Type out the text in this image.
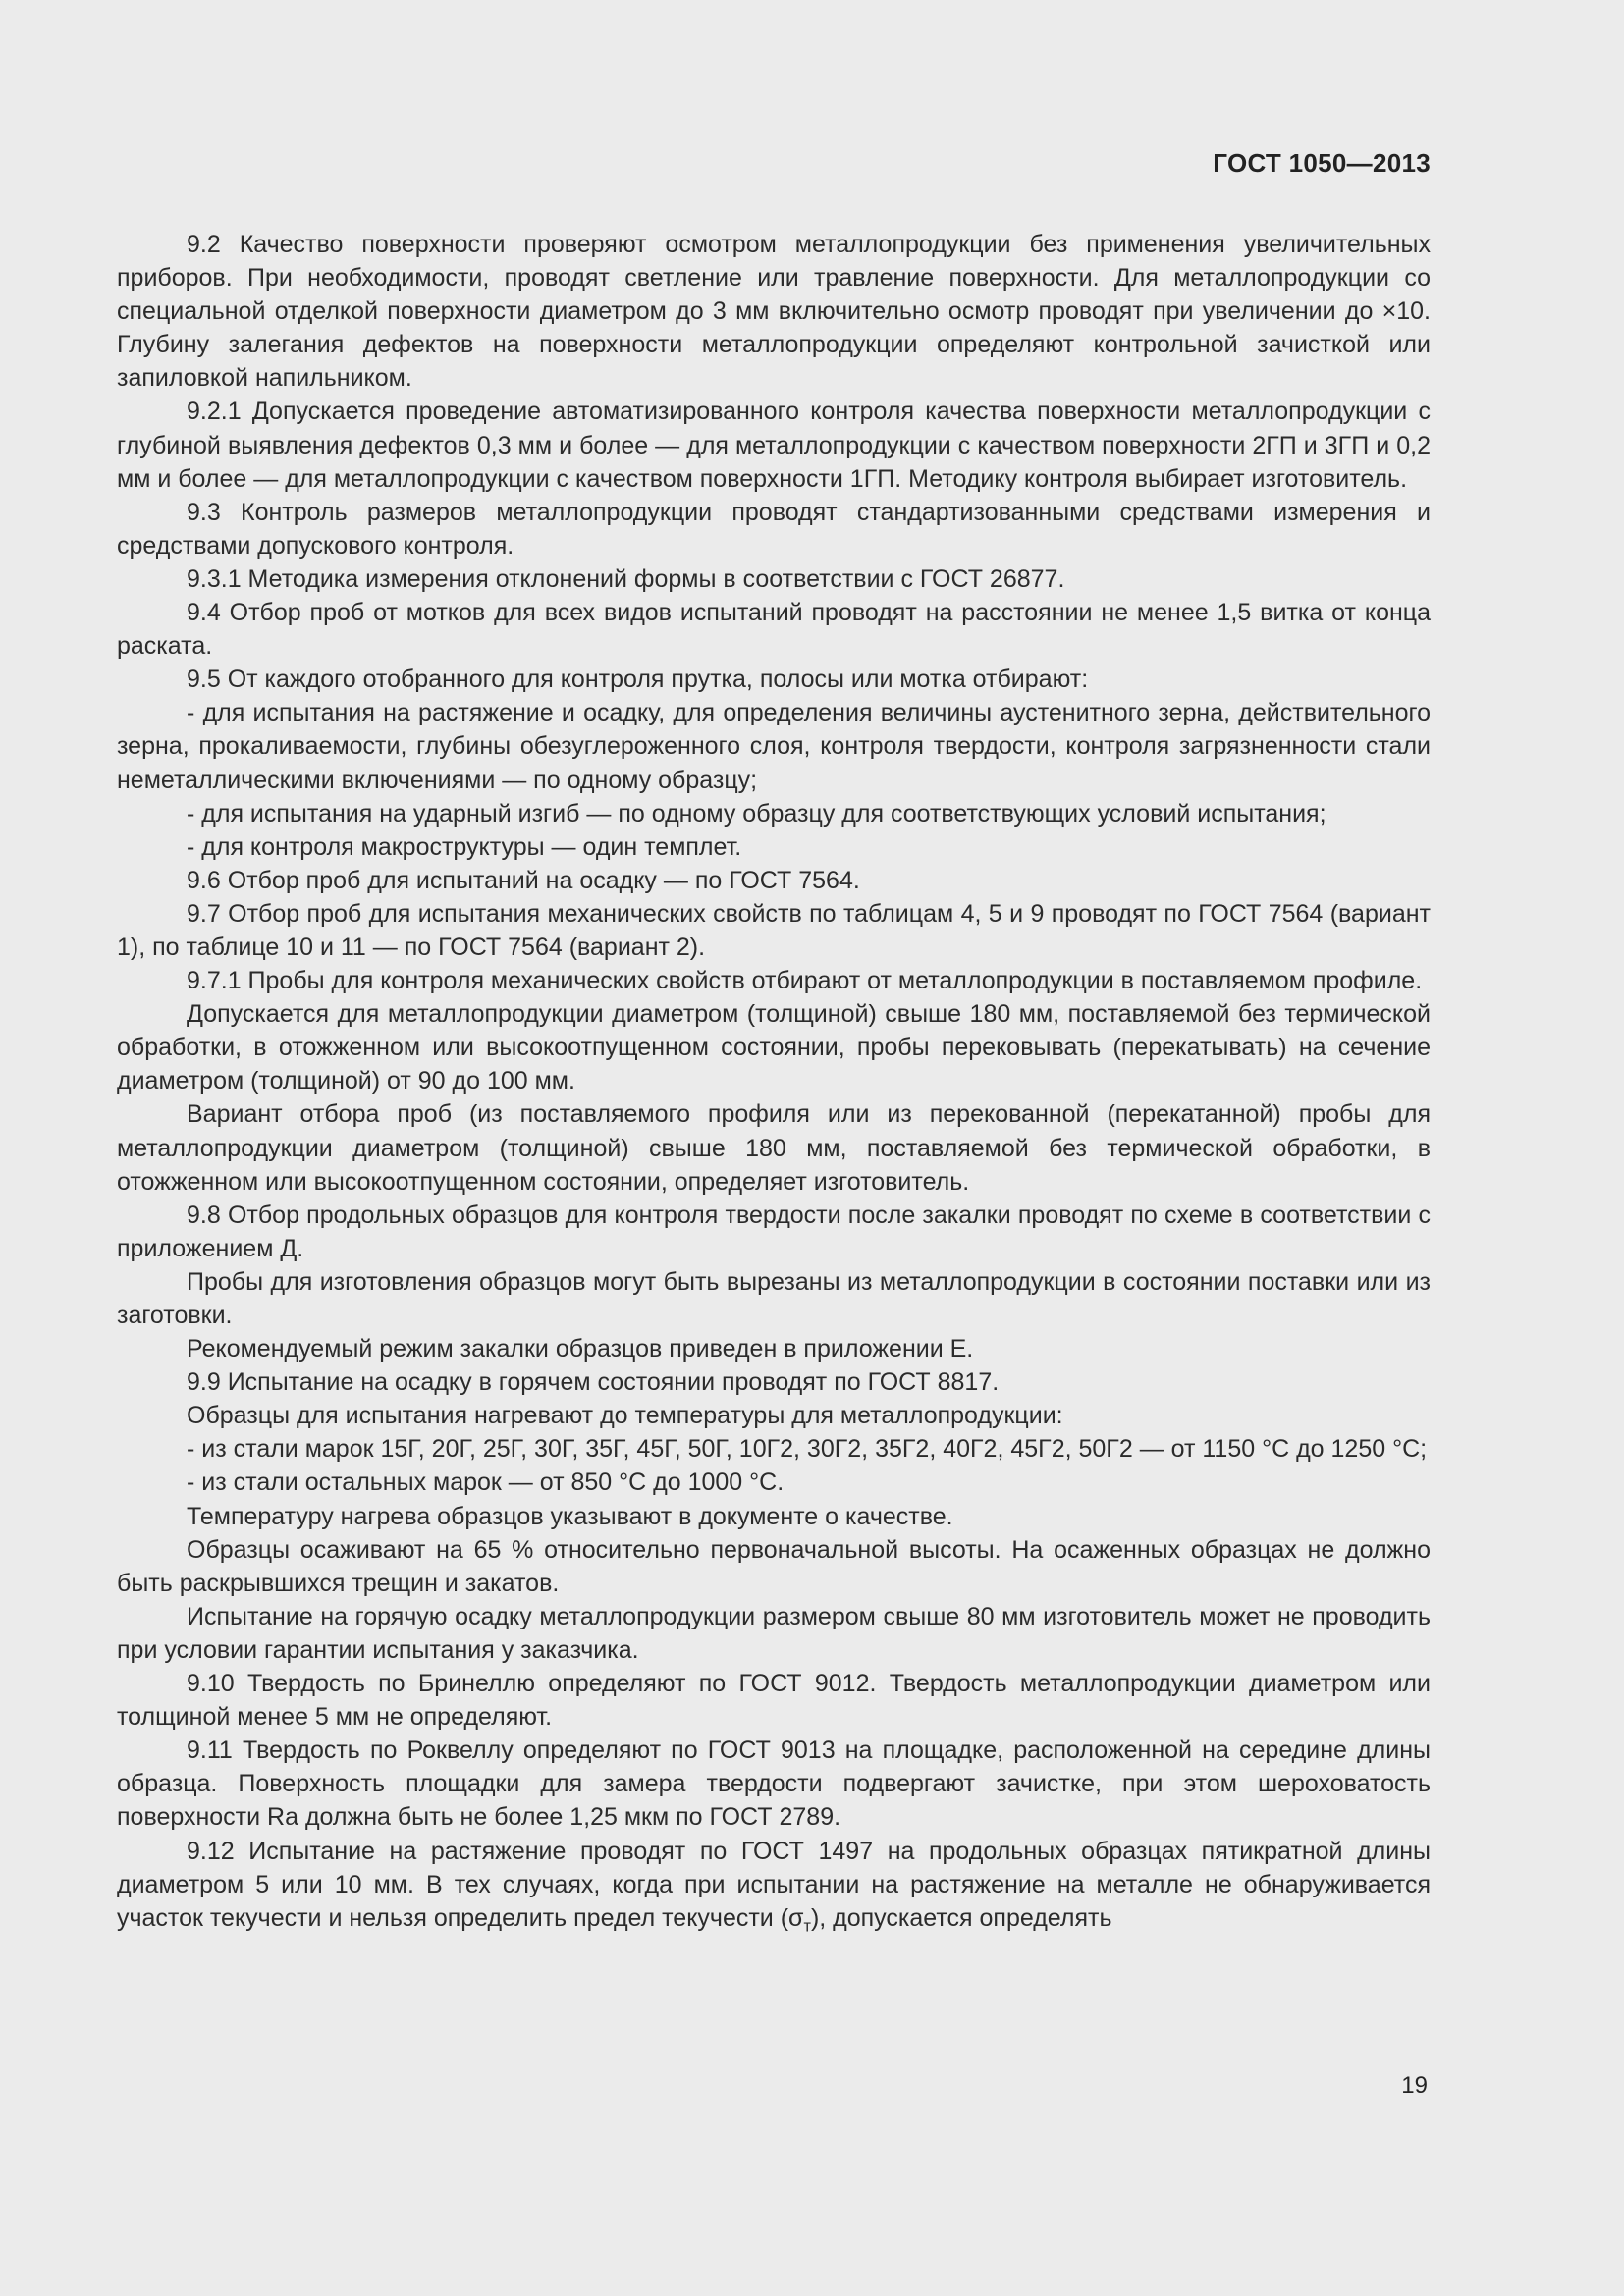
ГОСТ 1050—2013

9.2 Качество поверхности проверяют осмотром металлопродукции без применения увеличительных приборов. При необходимости, проводят светление или травление поверхности. Для металлопродукции со специальной отделкой поверхности диаметром до 3 мм включительно осмотр проводят при увеличении до ×10. Глубину залегания дефектов на поверхности металлопродукции определяют контрольной зачисткой или запиловкой напильником.

9.2.1 Допускается проведение автоматизированного контроля качества поверхности металлопродукции с глубиной выявления дефектов 0,3 мм и более — для металлопродукции с качеством поверхности 2ГП и 3ГП и 0,2 мм и более — для металлопродукции с качеством поверхности 1ГП. Методику контроля выбирает изготовитель.

9.3 Контроль размеров металлопродукции проводят стандартизованными средствами измерения и средствами допускового контроля.

9.3.1 Методика измерения отклонений формы в соответствии с ГОСТ 26877.

9.4 Отбор проб от мотков для всех видов испытаний проводят на расстоянии не менее 1,5 витка от конца раската.

9.5 От каждого отобранного для контроля прутка, полосы или мотка отбирают:

- для испытания на растяжение и осадку, для определения величины аустенитного зерна, действительного зерна, прокаливаемости, глубины обезуглероженного слоя, контроля твердости, контроля загрязненности стали неметаллическими включениями — по одному образцу;

- для испытания на ударный изгиб — по одному образцу для соответствующих условий испытания;

- для контроля макроструктуры — один темплет.

9.6 Отбор проб для испытаний на осадку — по ГОСТ 7564.

9.7 Отбор проб для испытания механических свойств по таблицам 4, 5 и 9 проводят по ГОСТ 7564 (вариант 1), по таблице 10 и 11 — по ГОСТ 7564 (вариант 2).

9.7.1 Пробы для контроля механических свойств отбирают от металлопродукции в поставляемом профиле.

Допускается для металлопродукции диаметром (толщиной) свыше 180 мм, поставляемой без термической обработки, в отожженном или высокоотпущенном состоянии, пробы перековывать (перекатывать) на сечение диаметром (толщиной) от 90 до 100 мм.

Вариант отбора проб (из поставляемого профиля или из перекованной (перекатанной) пробы для металлопродукции диаметром (толщиной) свыше 180 мм, поставляемой без термической обработки, в отожженном или высокоотпущенном состоянии, определяет изготовитель.

9.8 Отбор продольных образцов для контроля твердости после закалки проводят по схеме в соответствии с приложением Д.

Пробы для изготовления образцов могут быть вырезаны из металлопродукции в состоянии поставки или из заготовки.

Рекомендуемый режим закалки образцов приведен в приложении Е.

9.9 Испытание на осадку в горячем состоянии проводят по ГОСТ 8817.

Образцы для испытания нагревают до температуры для металлопродукции:

- из стали марок 15Г, 20Г, 25Г, 30Г, 35Г, 45Г, 50Г, 10Г2, 30Г2, 35Г2, 40Г2, 45Г2, 50Г2 — от 1150 °С до 1250 °С;

- из стали остальных марок — от 850 °С до 1000 °С.

Температуру нагрева образцов указывают в документе о качестве.

Образцы осаживают на 65 % относительно первоначальной высоты. На осаженных образцах не должно быть раскрывшихся трещин и закатов.

Испытание на горячую осадку металлопродукции размером свыше 80 мм изготовитель может не проводить при условии гарантии испытания у заказчика.

9.10 Твердость по Бринеллю определяют по ГОСТ 9012. Твердость металлопродукции диаметром или толщиной менее 5 мм не определяют.

9.11 Твердость по Роквеллу определяют по ГОСТ 9013 на площадке, расположенной на середине длины образца. Поверхность площадки для замера твердости подвергают зачистке, при этом шероховатость поверхности Ra должна быть не более 1,25 мкм по ГОСТ 2789.

9.12 Испытание на растяжение проводят по ГОСТ 1497 на продольных образцах пятикратной длины диаметром 5 или 10 мм. В тех случаях, когда при испытании на растяжение на металле не обнаруживается участок текучести и нельзя определить предел текучести $(\sigma_т)$, допускается определять

19
